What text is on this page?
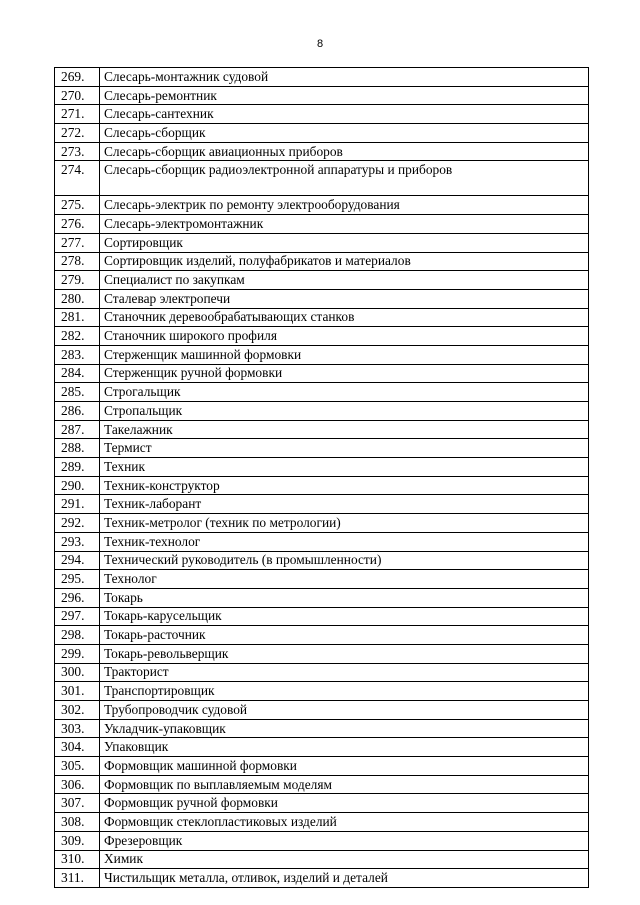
8
269.	Слесарь-монтажник судовой
270.	Слесарь-ремонтник
271.	Слесарь-сантехник
272.	Слесарь-сборщик
273.	Слесарь-сборщик авиационных приборов
274.	Слесарь-сборщик радиоэлектронной аппаратуры и приборов
275.	Слесарь-электрик по ремонту электрооборудования
276.	Слесарь-электромонтажник
277.	Сортировщик
278.	Сортировщик изделий, полуфабрикатов и материалов
279.	Специалист по закупкам
280.	Сталевар электропечи
281.	Станочник деревообрабатывающих станков
282.	Станочник широкого профиля
283.	Стерженщик машинной формовки
284.	Стерженщик ручной формовки
285.	Строгальщик
286.	Стропальщик
287.	Такелажник
288.	Термист
289.	Техник
290.	Техник-конструктор
291.	Техник-лаборант
292.	Техник-метролог (техник по метрологии)
293.	Техник-технолог
294.	Технический руководитель (в промышленности)
295.	Технолог
296.	Токарь
297.	Токарь-карусельщик
298.	Токарь-расточник
299.	Токарь-револьверщик
300.	Тракторист
301.	Транспортировщик
302.	Трубопроводчик судовой
303.	Укладчик-упаковщик
304.	Упаковщик
305.	Формовщик машинной формовки
306.	Формовщик по выплавляемым моделям
307.	Формовщик ручной формовки
308.	Формовщик стеклопластиковых изделий
309.	Фрезеровщик
310.	Химик
311.	Чистильщик металла, отливок, изделий и деталей
